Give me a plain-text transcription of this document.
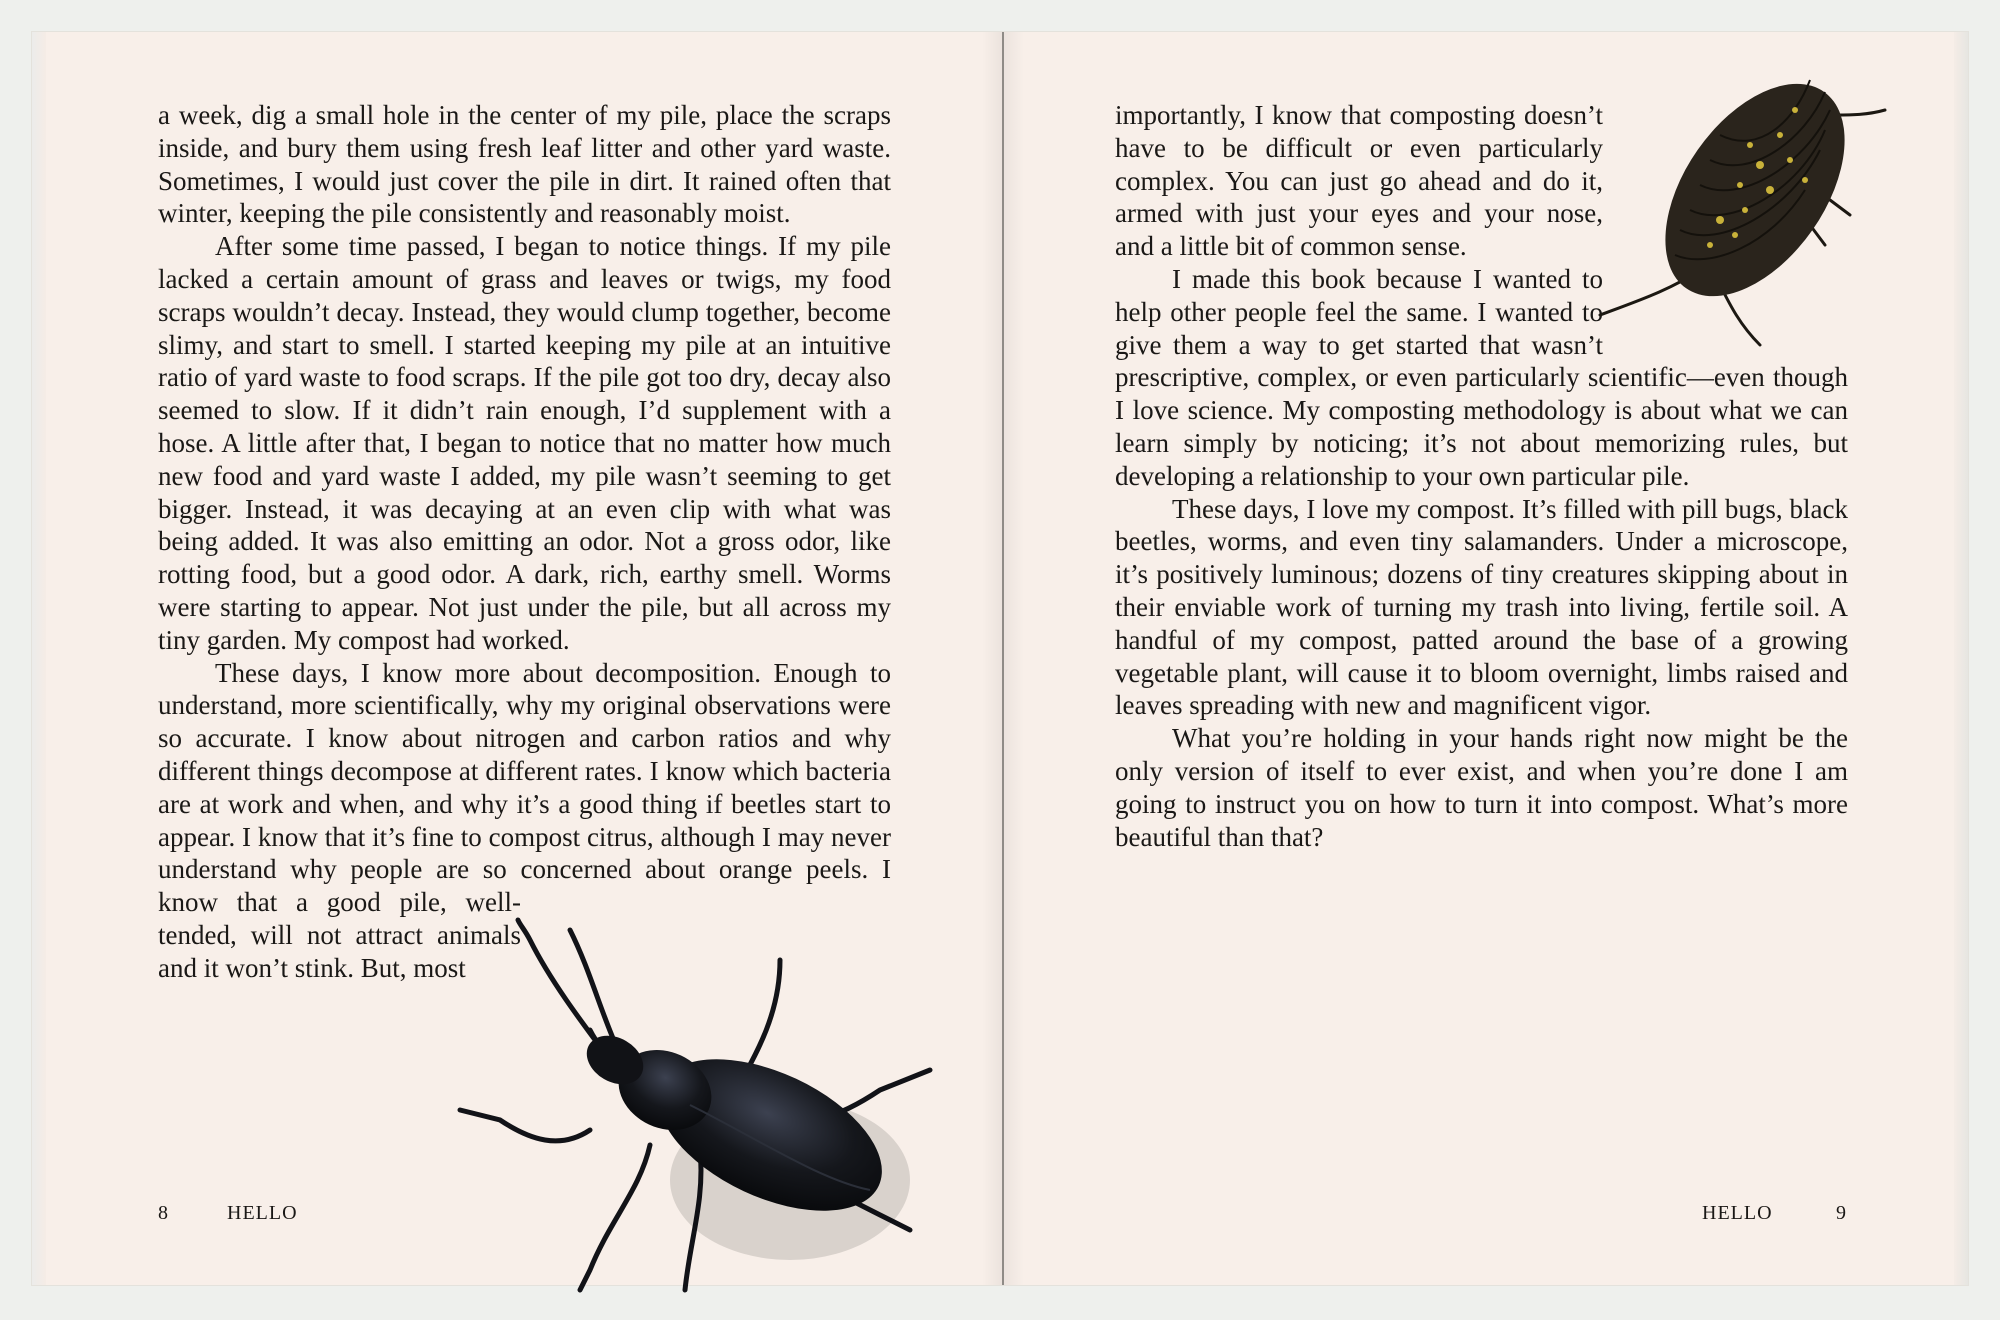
a week, dig a small hole in the center of my pile, place the scraps inside, and bury them using fresh leaf litter and other yard waste. Sometimes, I would just cover the pile in dirt. It rained often that winter, keeping the pile consistently and reasonably moist.

After some time passed, I began to notice things. If my pile lacked a certain amount of grass and leaves or twigs, my food scraps wouldn’t decay. Instead, they would clump together, become slimy, and start to smell. I started keeping my pile at an intuitive ratio of yard waste to food scraps. If the pile got too dry, decay also seemed to slow. If it didn’t rain enough, I’d supplement with a hose. A little after that, I began to notice that no matter how much new food and yard waste I added, my pile wasn’t seeming to get bigger. Instead, it was decaying at an even clip with what was being added. It was also emitting an odor. Not a gross odor, like rotting food, but a good odor. A dark, rich, earthy smell. Worms were starting to appear. Not just under the pile, but all across my tiny garden. My compost had worked.

These days, I know more about decomposition. Enough to understand, more scientifically, why my original observations were so accurate. I know about nitrogen and carbon ratios and why different things decompose at different rates. I know which bacteria are at work and when, and why it’s a good thing if beetles start to appear. I know that it’s fine to compost citrus, although I may never understand why people are so concerned about orange peels. I know that a good pile, well-tended, will not attract animals and it won’t stink. But, most

8	HELLO

importantly, I know that composting doesn’t have to be difficult or even particularly complex. You can just go ahead and do it, armed with just your eyes and your nose, and a little bit of common sense.

I made this book because I wanted to help other people feel the same. I wanted to give them a way to get started that wasn’t prescriptive, complex, or even particularly scientific—even though I love science. My composting methodology is about what we can learn simply by noticing; it’s not about memorizing rules, but developing a relationship to your own particular pile.

These days, I love my compost. It’s filled with pill bugs, black beetles, worms, and even tiny salamanders. Under a microscope, it’s positively luminous; dozens of tiny creatures skipping about in their enviable work of turning my trash into living, fertile soil. A handful of my compost, patted around the base of a growing vegetable plant, will cause it to bloom overnight, limbs raised and leaves spreading with new and magnificent vigor.

What you’re holding in your hands right now might be the only version of itself to ever exist, and when you’re done I am going to instruct you on how to turn it into compost. What’s more beautiful than that?

HELLO	9
